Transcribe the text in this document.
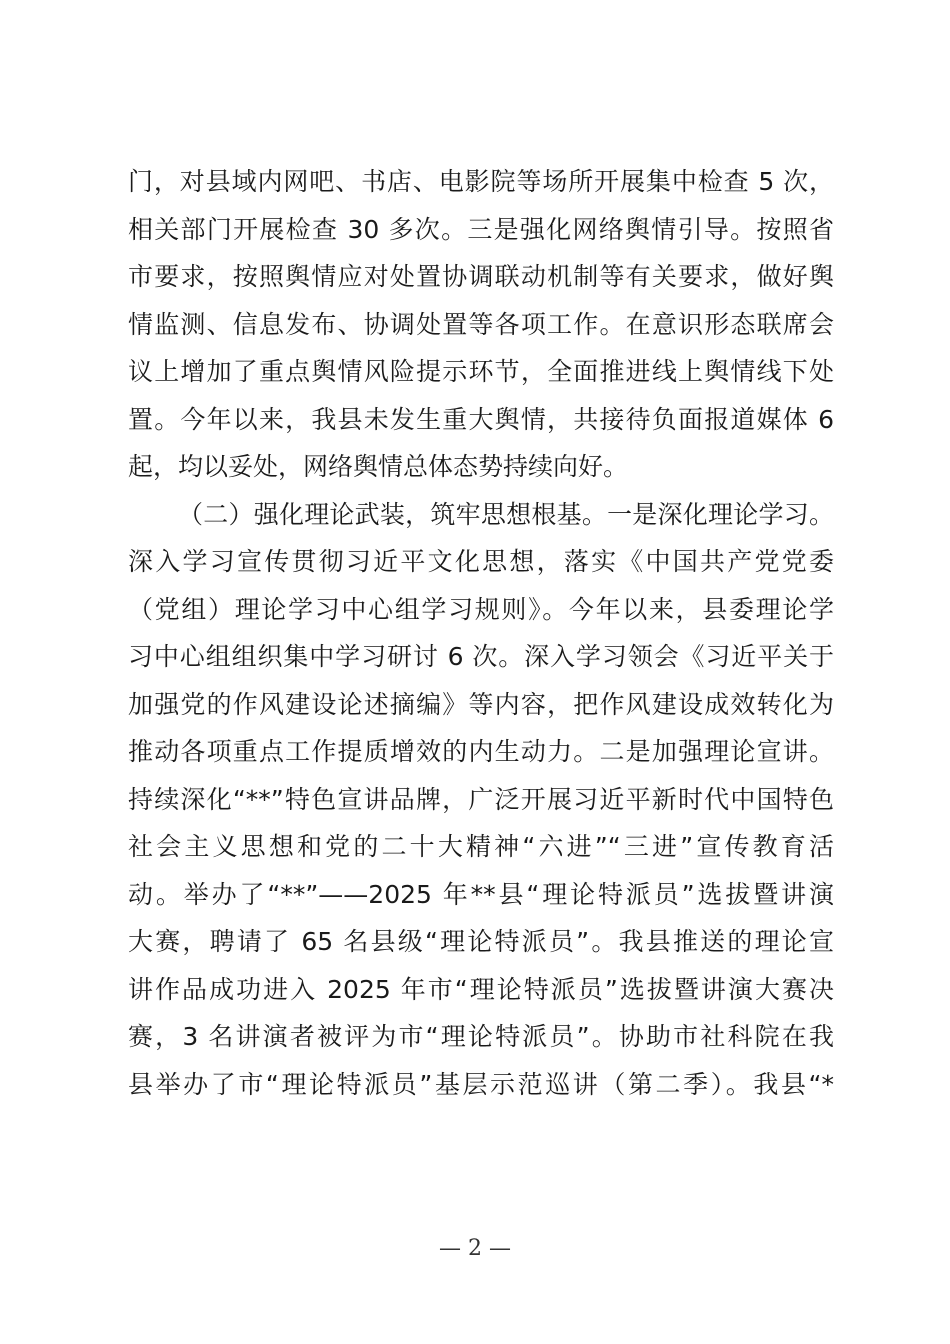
门，对县域内网吧、书店、电影院等场所开展集中检查 5 次，
相关部门开展检查 30 多次。三是强化网络舆情引导。按照省
市要求，按照舆情应对处置协调联动机制等有关要求，做好舆
情监测、信息发布、协调处置等各项工作。在意识形态联席会
议上增加了重点舆情风险提示环节，全面推进线上舆情线下处
置。今年以来，我县未发生重大舆情，共接待负面报道媒体 6
起，均以妥处，网络舆情总体态势持续向好。
（二）强化理论武装，筑牢思想根基。一是深化理论学习。
深入学习宣传贯彻习近平文化思想，落实《中国共产党党委
（党组）理论学习中心组学习规则》。今年以来，县委理论学
习中心组组织集中学习研讨 6 次。深入学习领会《习近平关于
加强党的作风建设论述摘编》等内容，把作风建设成效转化为
推动各项重点工作提质增效的内生动力。二是加强理论宣讲。
持续深化“**”特色宣讲品牌，广泛开展习近平新时代中国特色
社会主义思想和党的二十大精神“六进”“三进”宣传教育活
动。举办了“**”——2025 年**县“理论特派员”选拔暨讲演
大赛，聘请了 65 名县级“理论特派员”。我县推送的理论宣
讲作品成功进入 2025 年市“理论特派员”选拔暨讲演大赛决
赛，3 名讲演者被评为市“理论特派员”。协助市社科院在我
县举办了市“理论特派员”基层示范巡讲（第二季）。我县“*
— 2 —
